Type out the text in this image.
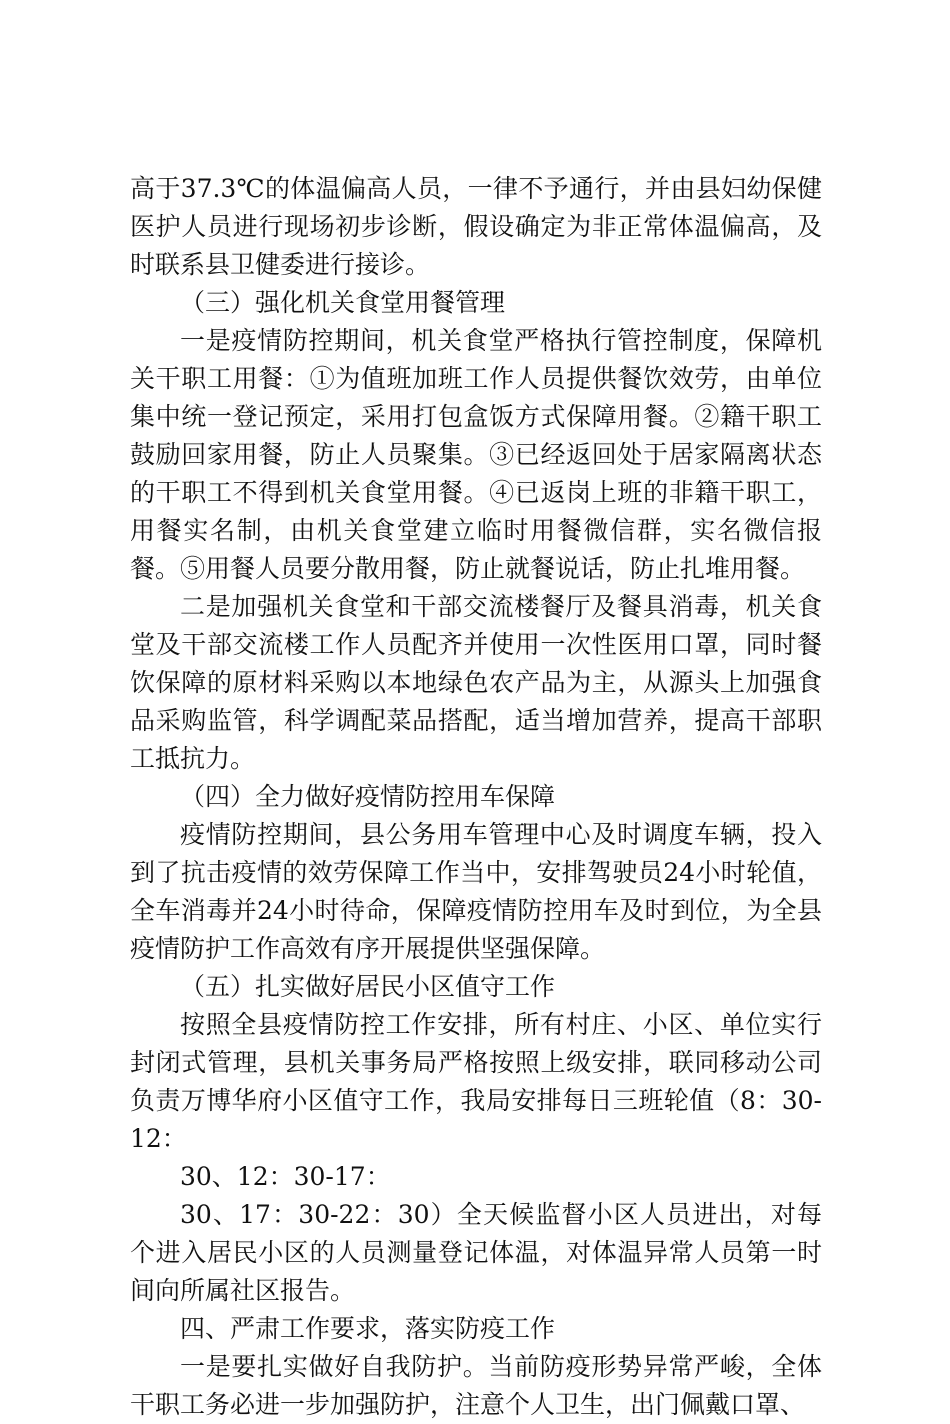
高于37.3℃的体温偏高人员，一律不予通行，并由县妇幼保健医护人员进行现场初步诊断，假设确定为非正常体温偏高，及时联系县卫健委进行接诊。

（三）强化机关食堂用餐管理

一是疫情防控期间，机关食堂严格执行管控制度，保障机关干职工用餐：①为值班加班工作人员提供餐饮效劳，由单位集中统一登记预定，采用打包盒饭方式保障用餐。②籍干职工鼓励回家用餐，防止人员聚集。③已经返回处于居家隔离状态的干职工不得到机关食堂用餐。④已返岗上班的非籍干职工，用餐实名制，由机关食堂建立临时用餐微信群，实名微信报餐。⑤用餐人员要分散用餐，防止就餐说话，防止扎堆用餐。

二是加强机关食堂和干部交流楼餐厅及餐具消毒，机关食堂及干部交流楼工作人员配齐并使用一次性医用口罩，同时餐饮保障的原材料采购以本地绿色农产品为主，从源头上加强食品采购监管，科学调配菜品搭配，适当增加营养，提高干部职工抵抗力。

（四）全力做好疫情防控用车保障

疫情防控期间，县公务用车管理中心及时调度车辆，投入到了抗击疫情的效劳保障工作当中，安排驾驶员24小时轮值，全车消毒并24小时待命，保障疫情防控用车及时到位，为全县疫情防护工作高效有序开展提供坚强保障。

（五）扎实做好居民小区值守工作

按照全县疫情防控工作安排，所有村庄、小区、单位实行封闭式管理，县机关事务局严格按照上级安排，联同移动公司负责万博华府小区值守工作，我局安排每日三班轮值（8：30-12：

30、12：30-17：

30、17：30-22：30）全天候监督小区人员进出，对每个进入居民小区的人员测量登记体温，对体温异常人员第一时间向所属社区报告。

四、严肃工作要求，落实防疫工作

一是要扎实做好自我防护。当前防疫形势异常严峻，全体干职工务必进一步加强防护，注意个人卫生，出门佩戴口罩、
